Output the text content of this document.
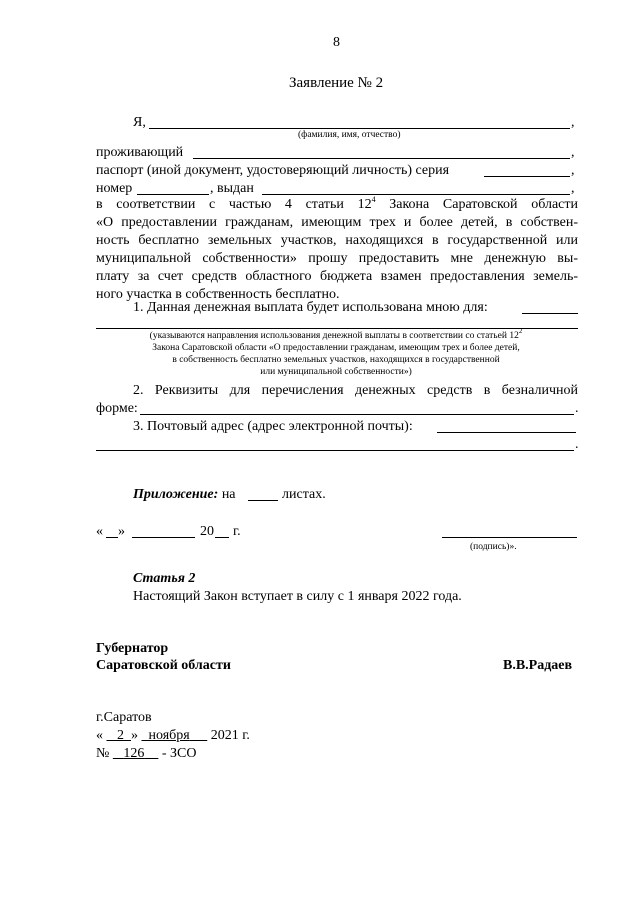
8
Заявление № 2
Я,	,
(фамилия, имя, отчество)
проживающий	,
паспорт (иной документ, удостоверяющий личность) серия	,
номер	, выдан	,
в соответствии с частью 4 статьи $12^4$ Закона Саратовской области
«О предоставлении гражданам, имеющим трех и более детей, в собствен-
ность бесплатно земельных участков, находящихся в государственной или
муниципальной собственности» прошу предоставить мне денежную вы-
плату за счет средств областного бюджета взамен предоставления земель-
ного участка в собственность бесплатно.
1. Данная денежная выплата будет использована мною для:
(указываются направления использования денежной выплаты в соответствии со статьей $12^2$
Закона Саратовской области «О предоставлении гражданам, имеющим трех и более детей,
в собственность бесплатно земельных участков, находящихся в государственной
или муниципальной собственности»)
2. Реквизиты для перечисления денежных средств в безналичной
форме:	.
3. Почтовый адрес (адрес электронной почты):
.
Приложение: на	листах.
« »	20 г.
(подпись)».
Статья 2
Настоящий Закон вступает в силу с 1 января 2022 года.
Губернатор
Саратовской области	В.В.Радаев
г.Саратов
« 2 » ноября 2021 г.
№ 126 - ЗСО
